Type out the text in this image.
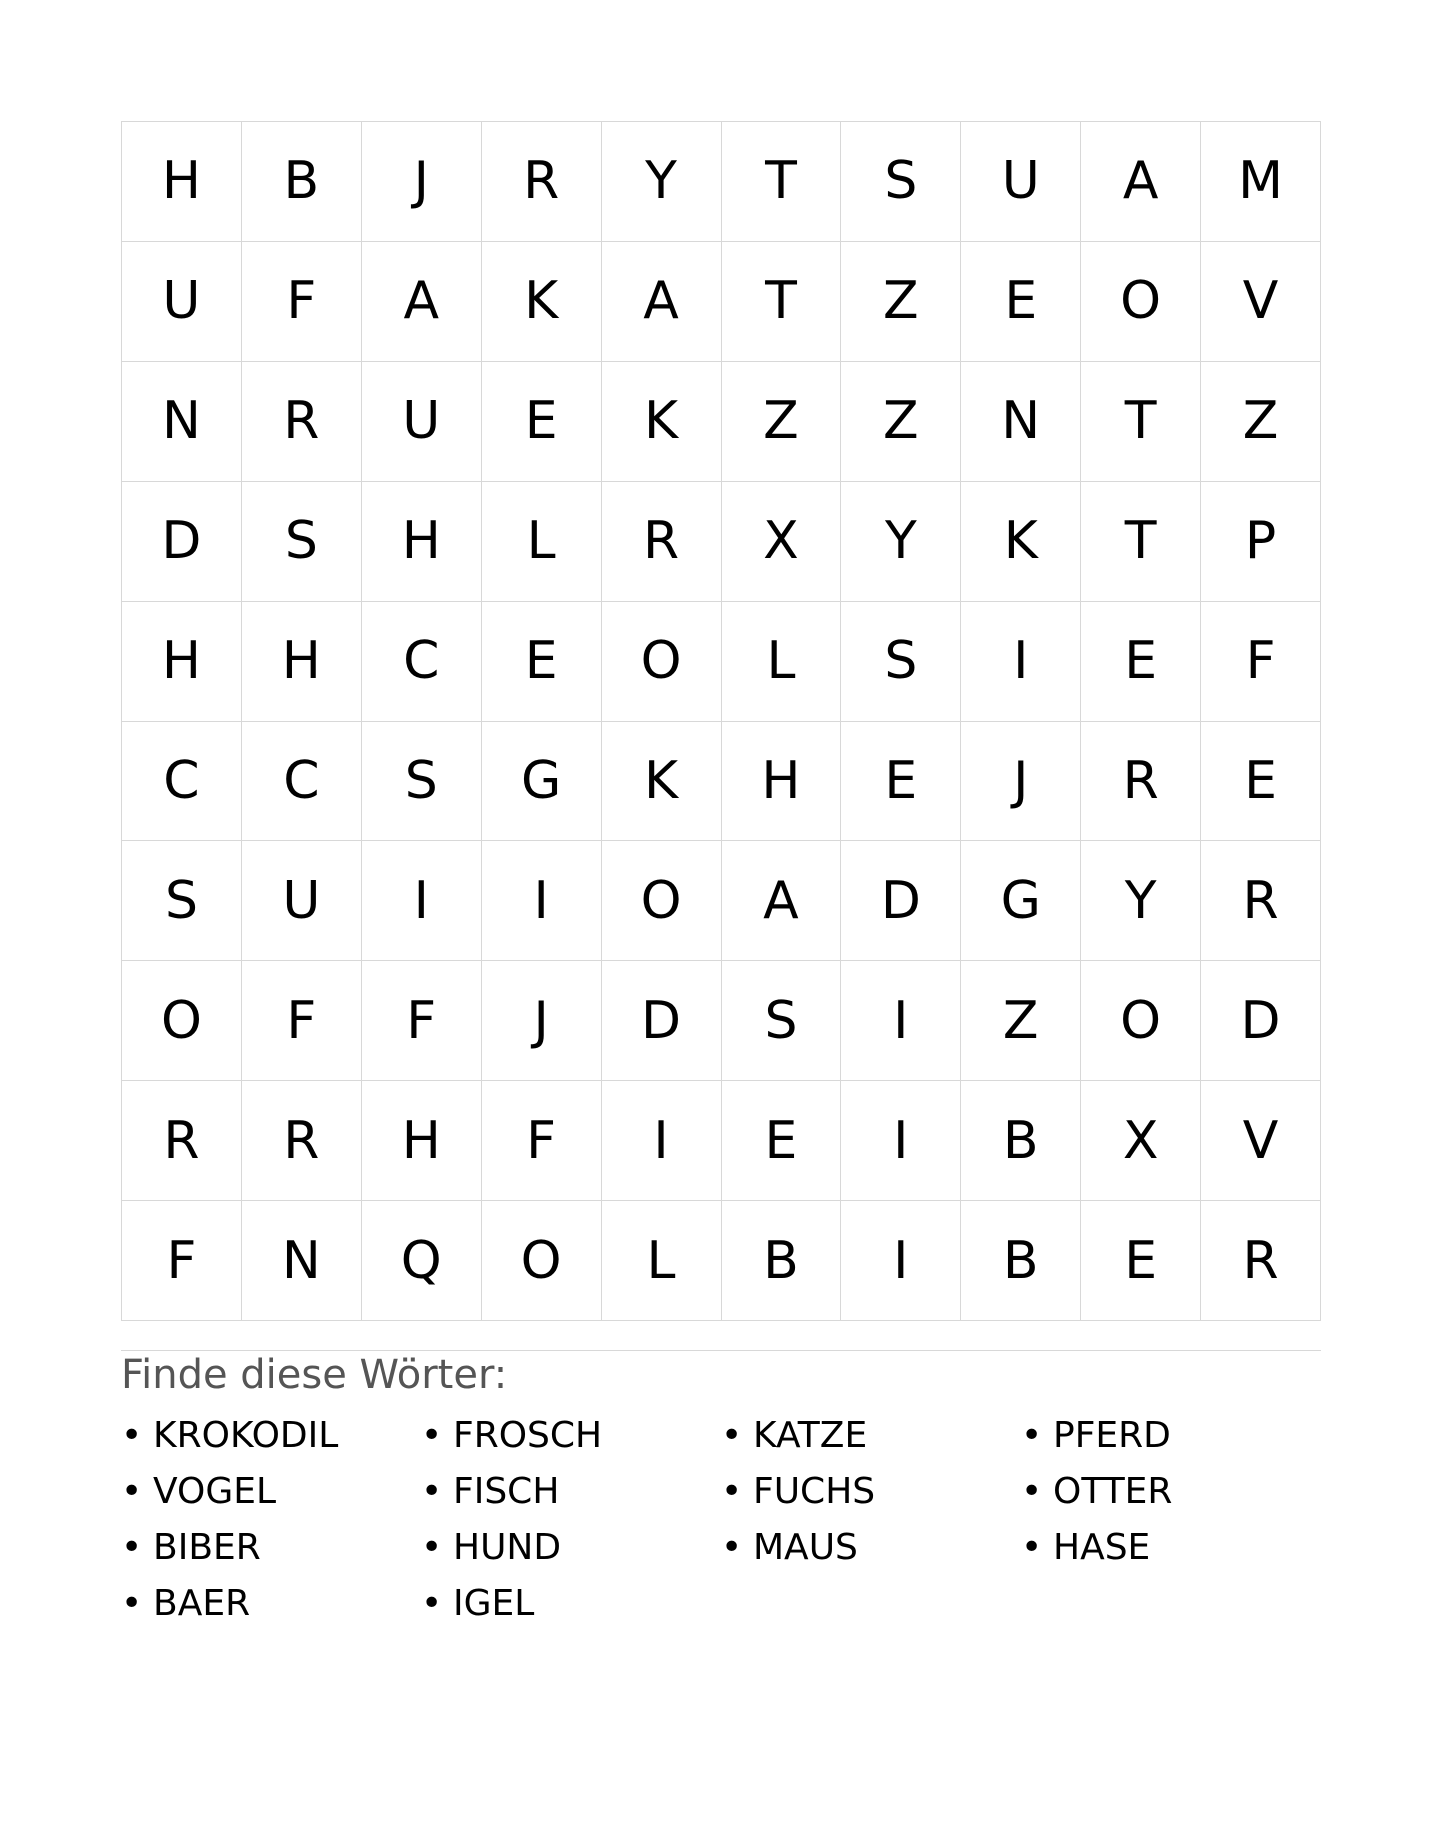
H	B	J	R	Y	T	S	U	A	M
U	F	A	K	A	T	Z	E	O	V
N	R	U	E	K	Z	Z	N	T	Z
D	S	H	L	R	X	Y	K	T	P
H	H	C	E	O	L	S	I	E	F
C	C	S	G	K	H	E	J	R	E
S	U	I	I	O	A	D	G	Y	R
O	F	F	J	D	S	I	Z	O	D
R	R	H	F	I	E	I	B	X	V
F	N	Q	O	L	B	I	B	E	R
Finde diese Wörter:
• KROKODIL	• FROSCH	• KATZE	• PFERD
• VOGEL	• FISCH	• FUCHS	• OTTER
• BIBER	• HUND	• MAUS	• HASE
• BAER	• IGEL
